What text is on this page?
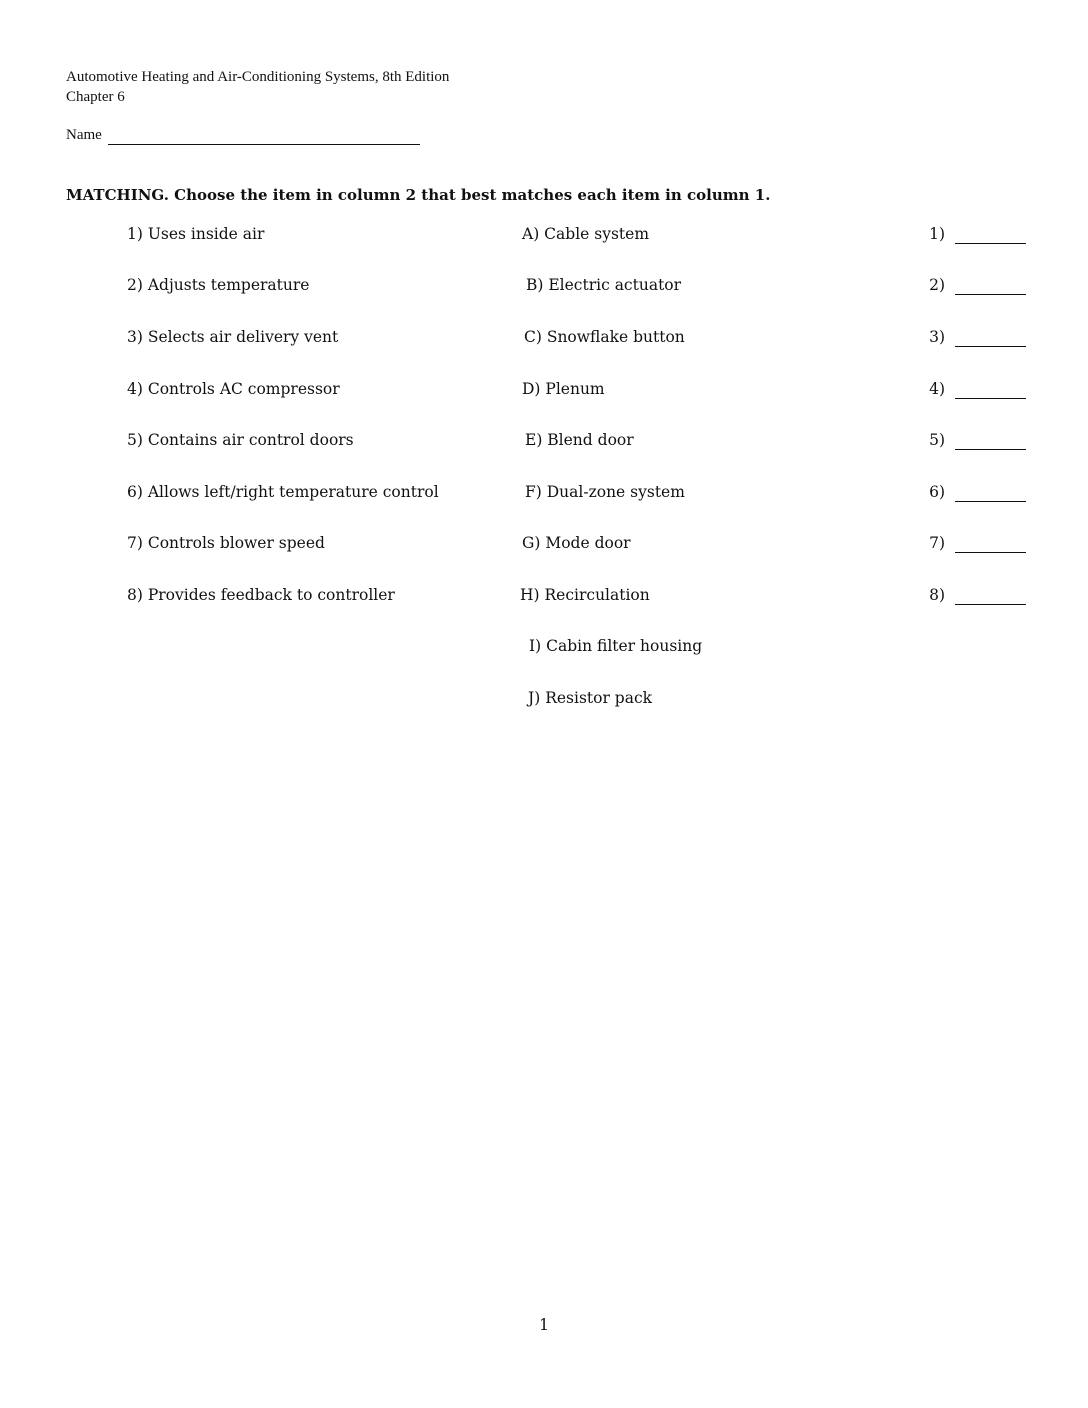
Automotive Heating and Air-Conditioning Systems, 8th Edition
Chapter 6
Name
MATCHING. Choose the item in column 2 that best matches each item in column 1.
1) Uses inside air
2) Adjusts temperature
3) Selects air delivery vent
4) Controls AC compressor
5) Contains air control doors
6) Allows left/right temperature control
7) Controls blower speed
8) Provides feedback to controller
A) Cable system
B) Electric actuator
C) Snowflake button
D) Plenum
E) Blend door
F) Dual-zone system
G) Mode door
H) Recirculation
I) Cabin filter housing
J) Resistor pack
1)
2)
3)
4)
5)
6)
7)
8)
1
